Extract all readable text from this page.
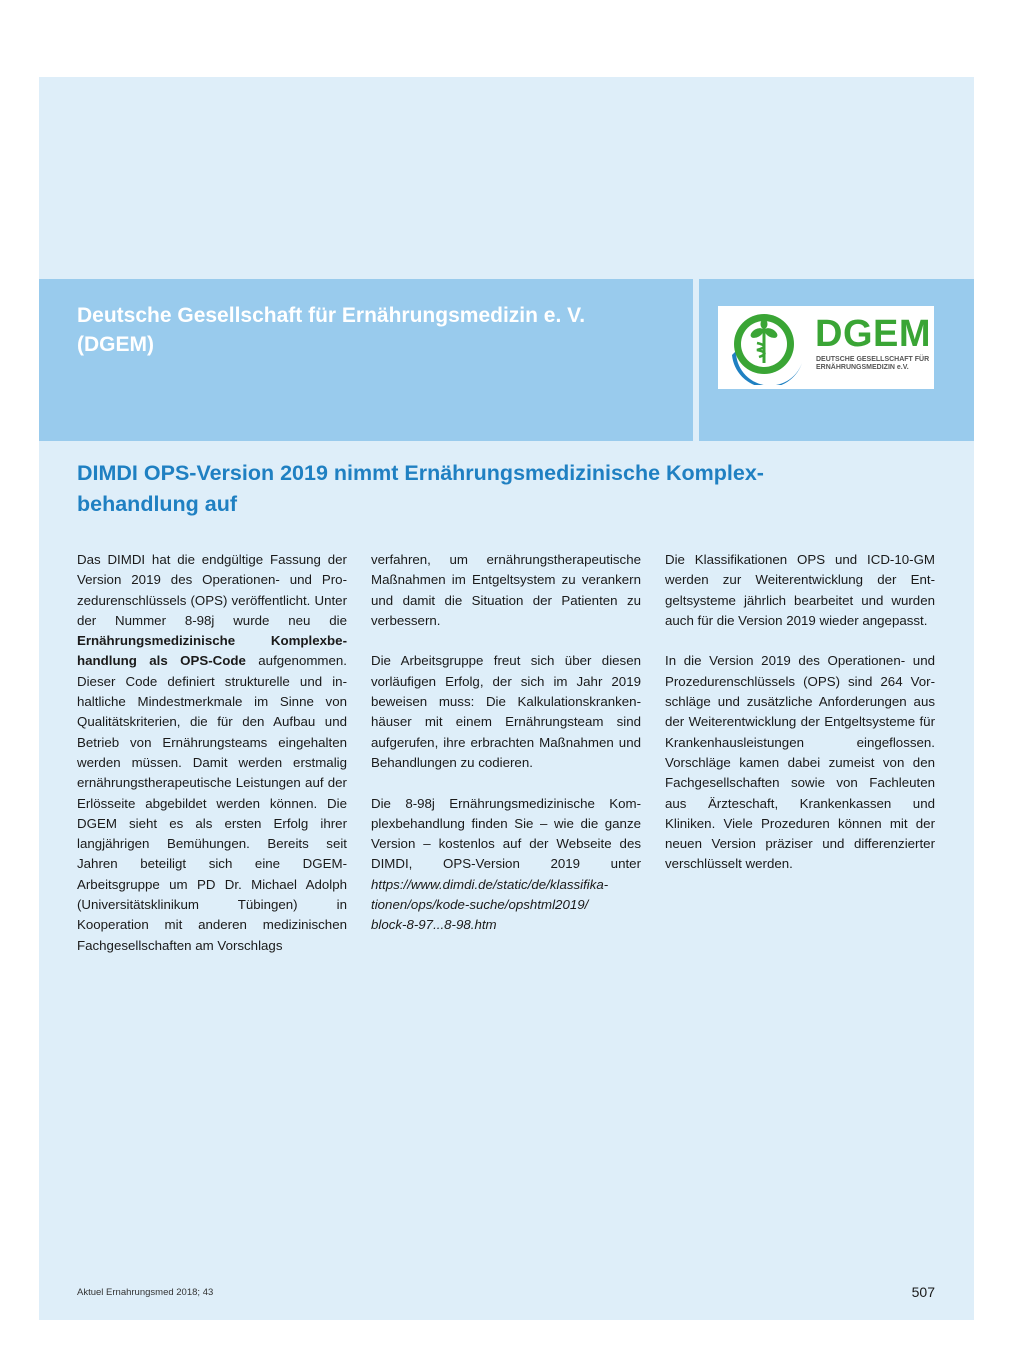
Deutsche Gesellschaft für Ernährungsmedizin e. V.
(DGEM)	DGEM
DEUTSCHE GESELLSCHAFT FÜR
ERNÄHRUNGSMEDIZIN e.V.
DIMDI OPS-Version 2019 nimmt Ernährungsmedizinische Komplex-
behandlung auf

Das DIMDI hat die endgültige Fassung der Version 2019 des Operationen- und Prozedurenschlüssels (OPS) veröffentlicht. Unter der Nummer 8-98j wurde neu die Ernährungsmedizinische Komplexbehandlung als OPS-Code aufgenommen. Dieser Code definiert strukturelle und inhaltliche Mindestmerkmale im Sinne von Qualitätskriterien, die für den Aufbau und Betrieb von Ernährungsteams eingehalten werden müssen. Damit werden erstmalig ernährungstherapeutische Leistungen auf der Erlösseite abgebildet werden können. Die DGEM sieht es als ersten Erfolg ihrer langjährigen Bemühungen. Bereits seit Jahren beteiligt sich eine DGEM-Arbeitsgruppe um PD Dr. Michael Adolph (Universitätsklinikum Tübingen) in Kooperation mit anderen medizinischen Fachgesellschaften am Vorschlags

verfahren, um ernährungstherapeutische Maßnahmen im Entgeltsystem zu verankern und damit die Situation der Patienten zu verbessern.

Die Arbeitsgruppe freut sich über diesen vorläufigen Erfolg, der sich im Jahr 2019 beweisen muss: Die Kalkulationskrankenhäuser mit einem Ernährungsteam sind aufgerufen, ihre erbrachten Maßnahmen und Behandlungen zu codieren.

Die 8-98j Ernährungsmedizinische Komplexbehandlung finden Sie – wie die ganze Version – kostenlos auf der Webseite des DIMDI, OPS-Version 2019 unter https://www.dimdi.de/static/de/klassifika-
tionen/ops/kode-suche/opshtml2019/
block-8-97...8-98.htm

Die Klassifikationen OPS und ICD-10-GM werden zur Weiterentwicklung der Entgeltsysteme jährlich bearbeitet und wurden auch für die Version 2019 wieder angepasst.

In die Version 2019 des Operationen- und Prozedurenschlüssels (OPS) sind 264 Vorschläge und zusätzliche Anforderungen aus der Weiterentwicklung der Entgeltsysteme für Krankenhausleistungen eingeflossen. Vorschläge kamen dabei zumeist von den Fachgesellschaften sowie von Fachleuten aus Ärzteschaft, Krankenkassen und Kliniken. Viele Prozeduren können mit der neuen Version präziser und differenzierter verschlüsselt werden.

Aktuel Ernahrungsmed 2018; 43	507
